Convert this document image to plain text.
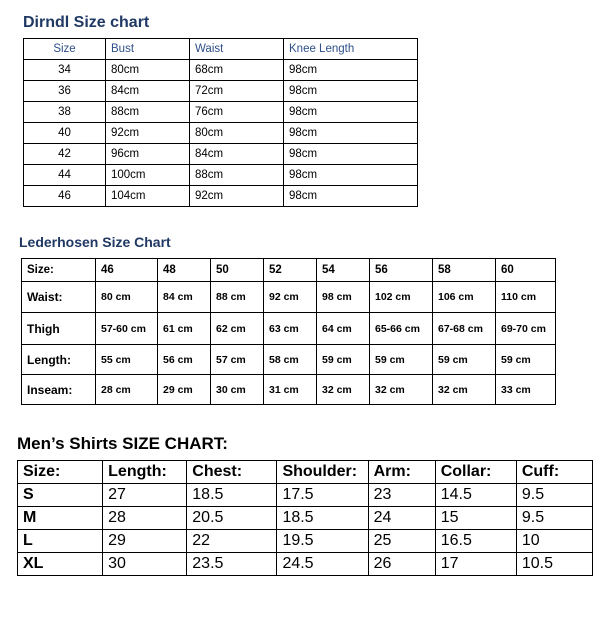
Dirndl Size chart
Size	Bust	Waist	Knee Length
34	80cm	68cm	98cm
36	84cm	72cm	98cm
38	88cm	76cm	98cm
40	92cm	80cm	98cm
42	96cm	84cm	98cm
44	100cm	88cm	98cm
46	104cm	92cm	98cm
Lederhosen Size Chart
Size:	46	48	50	52	54	56	58	60
Waist:	80 cm	84 cm	88 cm	92 cm	98 cm	102 cm	106 cm	110 cm
Thigh	57-60 cm	61 cm	62 cm	63 cm	64 cm	65-66 cm	67-68 cm	69-70 cm
Length:	55 cm	56 cm	57 cm	58 cm	59 cm	59 cm	59 cm	59 cm
Inseam:	28 cm	29 cm	30 cm	31 cm	32 cm	32 cm	32 cm	33 cm
Men’s Shirts SIZE CHART:
Size:	Length:	Chest:	Shoulder:	Arm:	Collar:	Cuff:
S	27	18.5	17.5	23	14.5	9.5
M	28	20.5	18.5	24	15	9.5
L	29	22	19.5	25	16.5	10
XL	30	23.5	24.5	26	17	10.5
